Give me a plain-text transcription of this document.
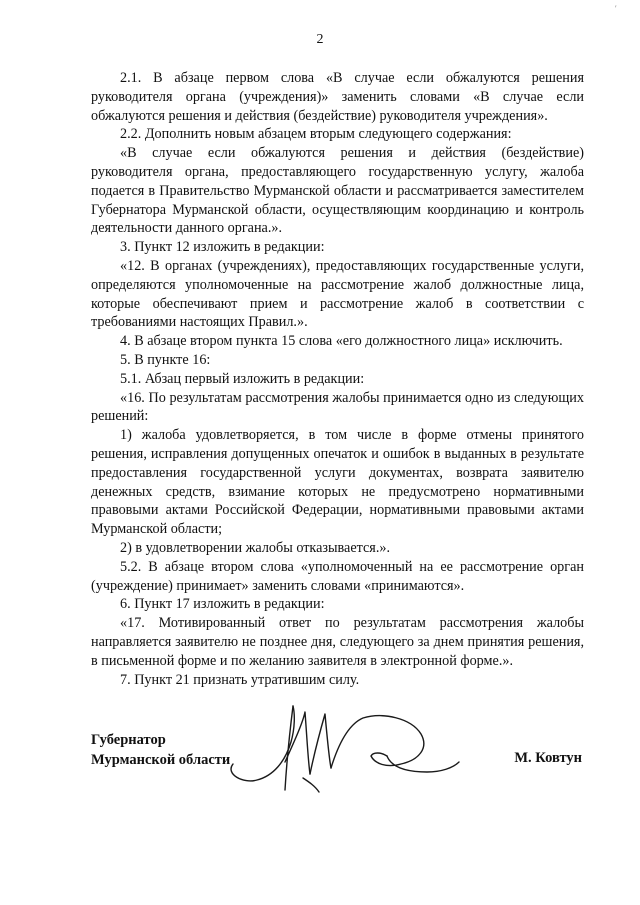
′
2

2.1. В абзаце первом слова «В случае если обжалуются решения руководителя органа (учреждения)» заменить словами «В случае если обжалуются решения и действия (бездействие) руководителя учреждения».

2.2. Дополнить новым абзацем вторым следующего содержания:

«В случае если обжалуются решения и действия (бездействие) руководителя органа, предоставляющего государственную услугу, жалоба подается в Правительство Мурманской области и рассматривается заместителем Губернатора Мурманской области, осуществляющим координацию и контроль деятельности данного органа.».

3. Пункт 12 изложить в редакции:

«12. В органах (учреждениях), предоставляющих государственные услуги, определяются уполномоченные на рассмотрение жалоб должностные лица, которые обеспечивают прием и рассмотрение жалоб в соответствии с требованиями настоящих Правил.».

4. В абзаце втором пункта 15 слова «его должностного лица» исключить.

5. В пункте 16:

5.1. Абзац первый изложить в редакции:

«16. По результатам рассмотрения жалобы принимается одно из следующих решений:

1) жалоба удовлетворяется, в том числе в форме отмены принятого решения, исправления допущенных опечаток и ошибок в выданных в результате предоставления государственной услуги документах, возврата заявителю денежных средств, взимание которых не предусмотрено нормативными правовыми актами Российской Федерации, нормативными правовыми актами Мурманской области;

2) в удовлетворении жалобы отказывается.».

5.2. В абзаце втором слова «уполномоченный на ее рассмотрение орган (учреждение) принимает» заменить словами «принимаются».

6. Пункт 17 изложить в редакции:

«17. Мотивированный ответ по результатам рассмотрения жалобы направляется заявителю не позднее дня, следующего за днем принятия решения, в письменной форме и по желанию заявителя в электронной форме.».

7. Пункт 21 признать утратившим силу.

Губернатор
Мурманской области	М. Ковтун
